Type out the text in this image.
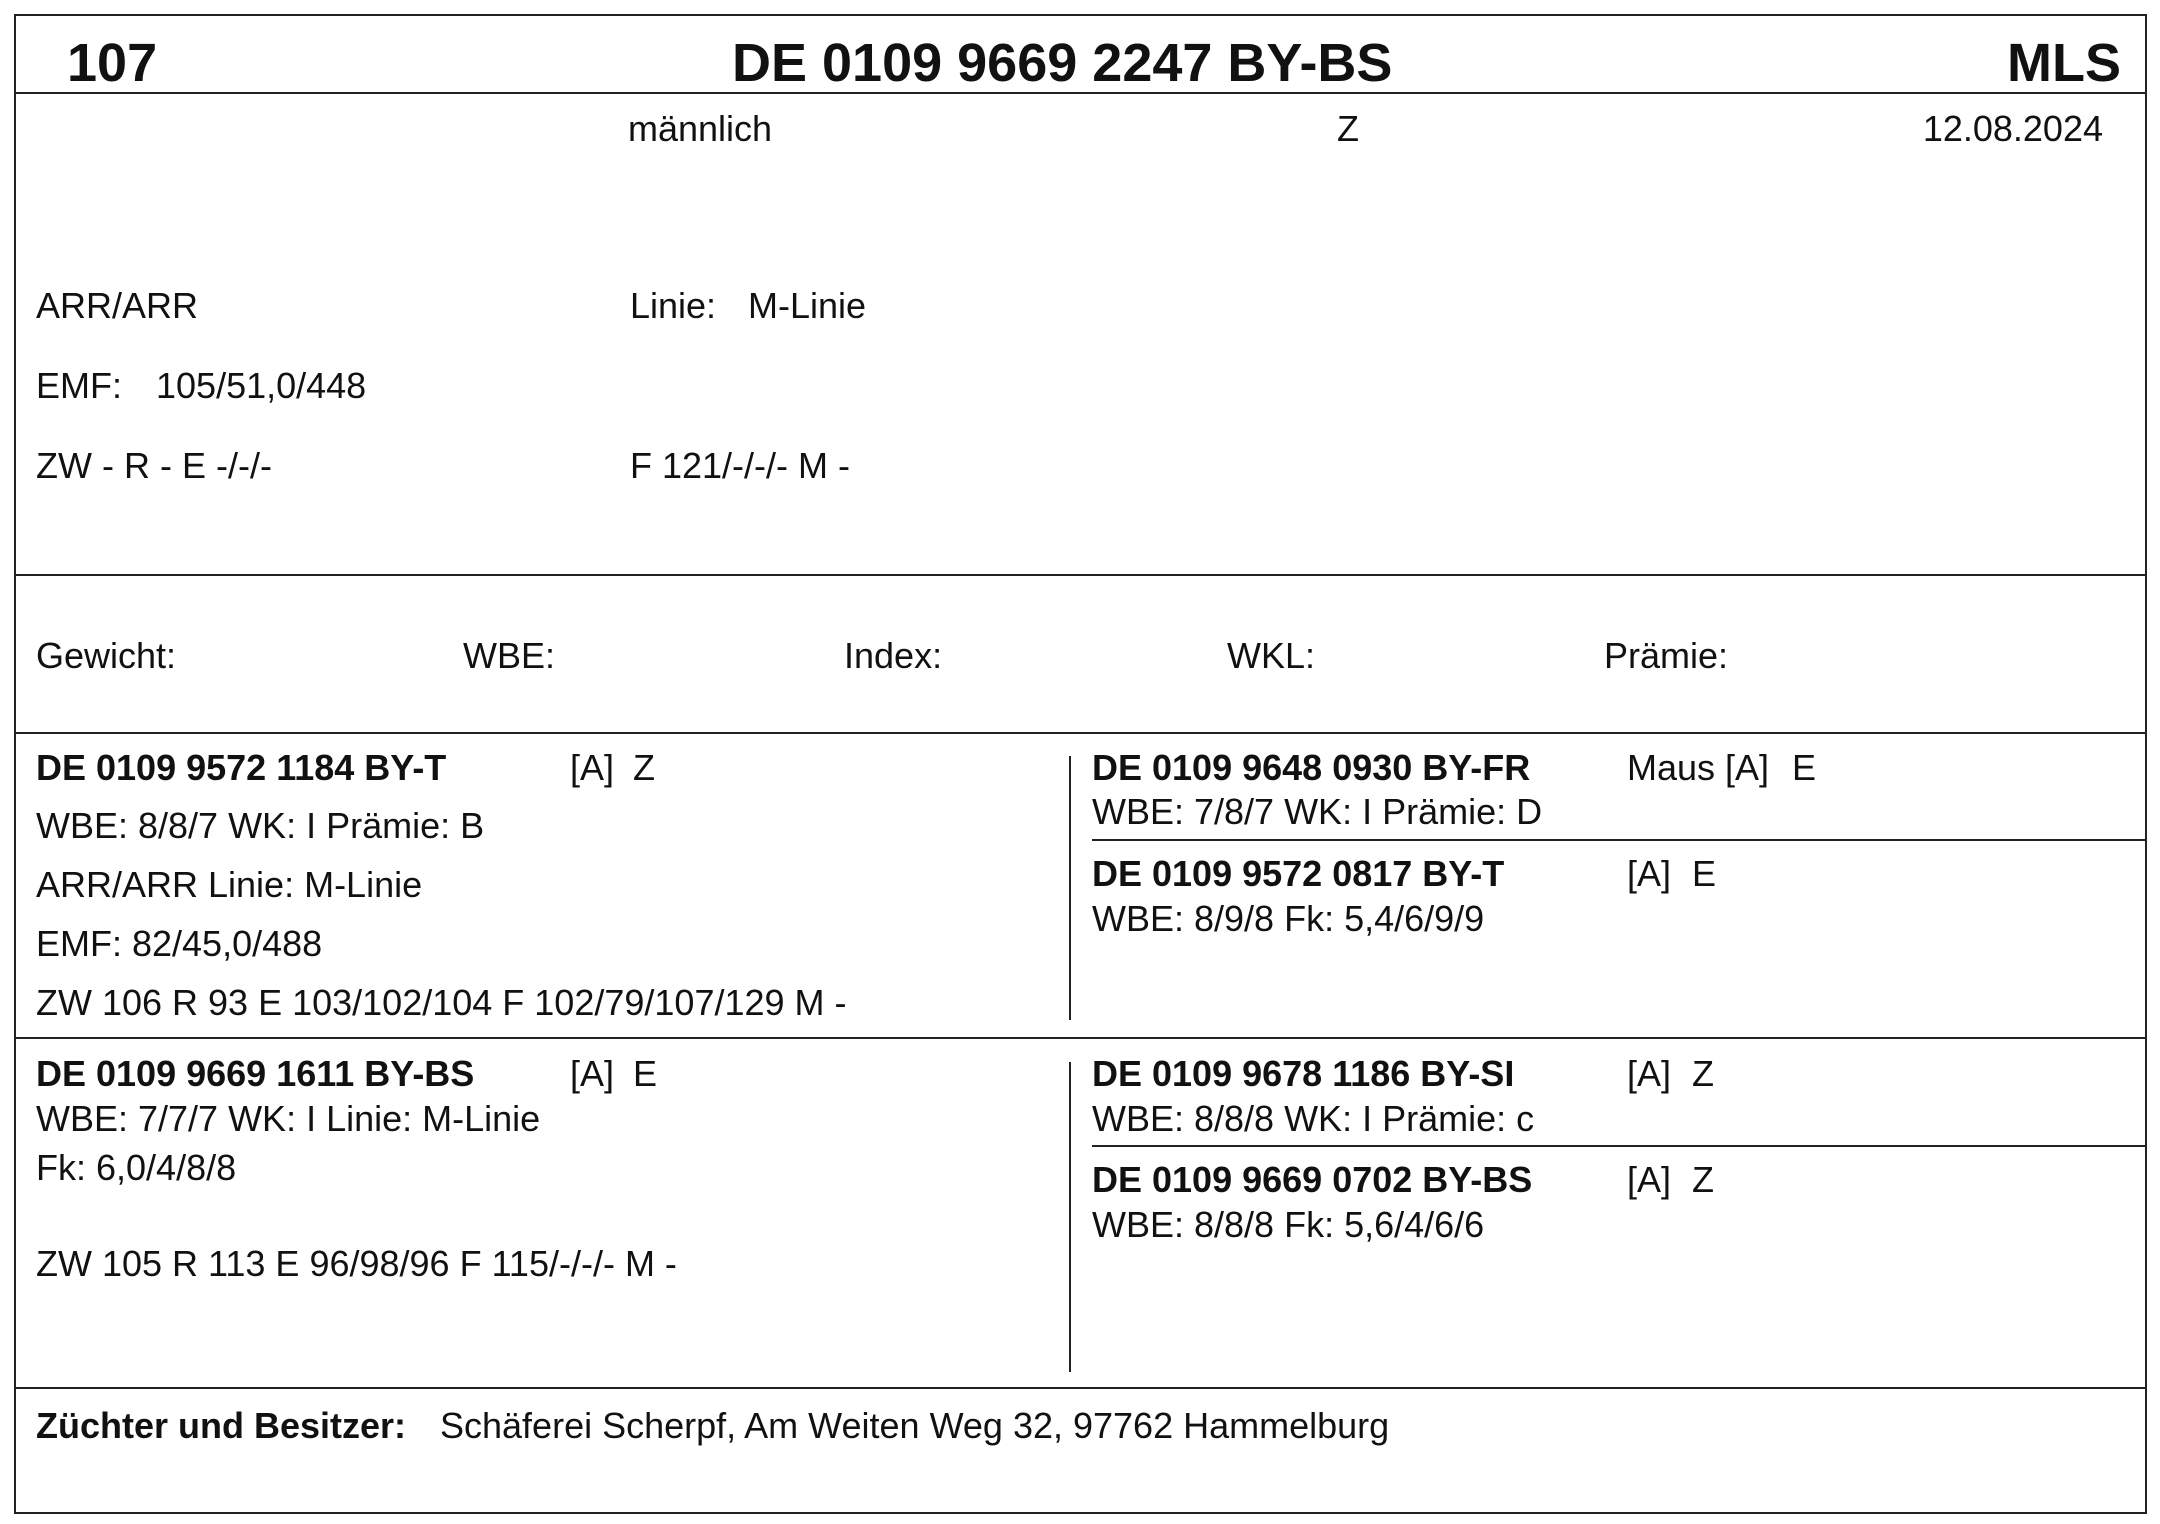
107	DE 0109 9669 2247 BY-BS	MLS
männlich	Z	12.08.2024
ARR/ARR	Linie: M-Linie
EMF: 105/51,0/448
ZW - R - E -/-/-	F 121/-/-/- M -
Gewicht:	WBE:	Index:	WKL:	Prämie:
DE 0109 9572 1184 BY-T	[A] Z
WBE: 8/8/7 WK: I Prämie: B
ARR/ARR Linie: M-Linie
EMF: 82/45,0/488
ZW 106 R 93 E 103/102/104 F 102/79/107/129 M -
DE 0109 9648 0930 BY-FR	Maus [A] E
WBE: 7/8/7 WK: I Prämie: D
DE 0109 9572 0817 BY-T	[A] E
WBE: 8/9/8 Fk: 5,4/6/9/9
DE 0109 9669 1611 BY-BS	[A] E
WBE: 7/7/7 WK: I Linie: M-Linie
Fk: 6,0/4/8/8
ZW 105 R 113 E 96/98/96 F 115/-/-/- M -
DE 0109 9678 1186 BY-SI	[A] Z
WBE: 8/8/8 WK: I Prämie: c
DE 0109 9669 0702 BY-BS	[A] Z
WBE: 8/8/8 Fk: 5,6/4/6/6
Züchter und Besitzer: Schäferei Scherpf, Am Weiten Weg 32, 97762 Hammelburg
